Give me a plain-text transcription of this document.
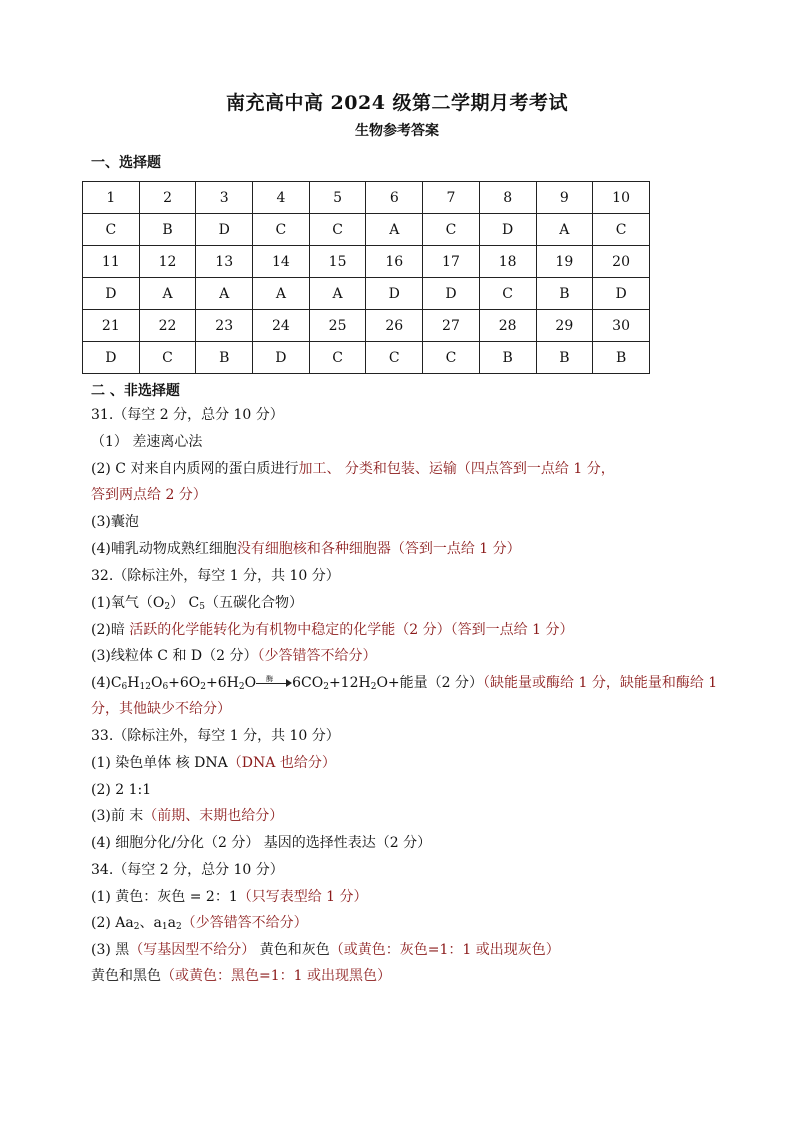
南充高中高 2024 级第二学期月考考试
生物参考答案
一、选择题
1	2	3	4	5	6	7	8	9	10
C	B	D	C	C	A	C	D	A	C
11	12	13	14	15	16	17	18	19	20
D	A	A	A	A	D	D	C	B	D
21	22	23	24	25	26	27	28	29	30
D	C	B	D	C	C	C	B	B	B
二 、非选择题
31.（每空 2 分，总分 10 分）
（1） 差速离心法
(2) C 对来自内质网的蛋白质进行加工、 分类和包装、运输（四点答到一点给 1 分，
答到两点给 2 分）
(3)囊泡
(4)哺乳动物成熟红细胞没有细胞核和各种细胞器（答到一点给 1 分）
32.（除标注外，每空 1 分，共 10 分）
(1)氧气$(O_2)$ $C_5$（五碳化合物）
(2)暗 活跃的化学能转化为有机物中稳定的化学能（2 分）（答到一点给 1 分）
(3)线粒体 C 和 D（2 分）（少答错答不给分）
$(4)C_6H_{12}O_6+6O_2+6H_2O$ 酶 $6CO_2+12H_2O+$能量（2 分）（缺能量或酶给 1 分，缺能量和酶给 1
分，其他缺少不给分）
33.（除标注外，每空 1 分，共 10 分）
(1) 染色单体 核 DNA（DNA 也给分）
(2) 2 1:1
(3)前 末（前期、末期也给分）
(4) 细胞分化/分化（2 分） 基因的选择性表达（2 分）
34.（每空 2 分，总分 10 分）
(1) 黄色：灰色 = 2：1（只写表型给 1 分）
(2) $Aa_2$、$a_1a_2$（少答错答不给分）
(3) 黑（写基因型不给分） 黄色和灰色（或黄色：灰色=1：1 或出现灰色）
黄色和黑色（或黄色：黑色=1：1 或出现黑色）
